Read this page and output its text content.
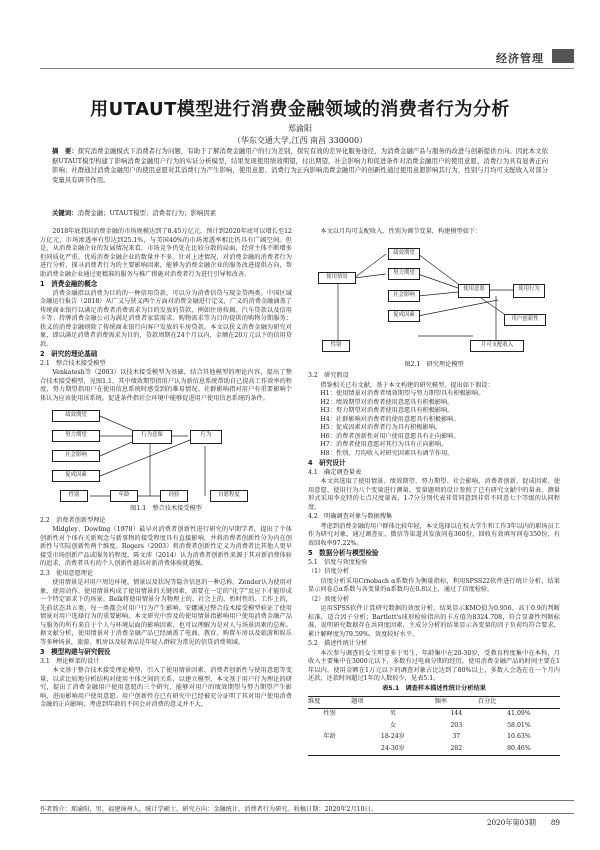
经济管理
用UTAUT模型进行消费金融领域的消费者行为分析
郑渝阳
（华东交通大学,江西 南昌 330000）
摘　要：探究消费金融模式下消费者行为问题，有助于了解消费金融用户的行为差别，探究有效的差异化服务途径，为消费金融产品与服务的改进与创新提供方向。因此本文依据UTAUT模型构建了影响消费金融用户行为的实证分析模型，结果发现使用绩效期望，付出期望，社会影响力和促进条件对消费金融用户的使用意愿、消费行为具有显著正向影响；社群通过消费金融用户的使用意愿对其消费行为产生影响，使用意愿、消费行为正向影响消费金融用户的创新性通过使用意愿影响其行为，性别与月均可支配收入对部分变量具有调节作用。
关键词：消费金融；UTAUT模型；消费者行为；影响因素

2018年底我国消费金融的市场规模达到了8.45万亿元，预计到2020年底可以增长至12万亿元，市场渗透率有望达到25.1%，与美国40%的市场渗透率相比仍具有广阔空间。但是，从消费金融企业的发展情况来看，市场竞争仍处在比较分散的局面，经营主体不断增多但同质化严重，优质消费金融企业的数量并不多。针对上述情况，对消费金融的消费者行为进行分析，探寻消费者行为的主要影响因素，能够为消费金融企业的服务改进提供方向，帮助消费金融企业通过更精准的服务与推广措施对消费者行为进行引导和改善。

1　消费金融的概念

消费金融指以消费为目的的一种信用贷款，可以分为消费信贷与现金贷两类。中国区域金融运行报告（2018）从广义与狭义两个方面对消费金融进行定义，广义的消费金融涵盖了传统商业银行以满足消费者消费需求为目的发放的贷款，例如住房按揭、汽车贷款以及信用卡等；持牌消费金融公司为满足消费者家装需求、购物需求等为目的提供的购物分期服务；狭义的消费金融则除了传统商业银行向客户发放的车房贷款。本文以狭义消费金融为研究对象，即以满足消费者消费需求为目的，贷款周期在24个月以内，金额在20万元以下的信用贷款。

2　研究的理论基础
2.1　整合技术接受模型

Venkatesh等（2003）以技术接受模型为基础，结合其他模型的理论内容，提出了整合技术接受模型，见图1.1，其中绩效期望指用户认为新信息系统帮助自己提高工作效率的程度，努力期望指用户在使用信息系统时感受到的难易情况。社群影响指对用户有重要影响个体认为应该使用该系统。促进条件指社会环境中能够促进用户使用信息系统的条件。

绩效期望
努力期望
社会影响
促成因素
行为意图	行为
性别	年龄	经验	自愿程度
图1.1　整合技术接受模型
2.2　消费者创新型理论

Midgley、Dowling（1978）最早对消费者创新性进行研究的早期学者，提出了个体创新性对个体有关新观念与新事物的接受程度具有直接影响，并将消费者创新性分为内在创新性与实际创新性两个维度。Rogers（2003）将消费者创新性定义为消费者比其他人更早接受市场创新产品或服务的程度。陈文沛（2014）认为消费者创新性来源于其对新消费体验的追求，消费者具有的个人创新性越高对新消费体验就越强。

2.3　使用意愿理论

使用情景是对用户周边环境、情景以及状况等隐含信息的一种总称。Zender认为使用对象、使用动作、使用情景构成了使用情景的关键因素，需要在一定的“化学”反应下才能形成一个特定需求下的场景。Belk将使用情景分为物理上的、社会上的、暂时性的、工作上的，先前状态共五类，每一类都会对用户行为产生影响。安娜通过整合技术接受模型验证了使用情景对用户选择行为的重要影响。本文研究中涉及的使用情景指影响用户使用消费金融产品与服务的所有来自于个人与环境层面的影响因素，也可以理解为是对人与场景因素的总称。据文献分析，使用情景对于消费金融产品已经涵盖了电商、教育、购置车房以及旅游和娱乐等多种场景，旅游、租房以及轻奢品是年轻人群较为常见的信贷消费领域。

3　模型构建与研究假设
3.1　理论框架的设计

本文基于整合技术接受理论模型，引入了使用情景因素、消费者创新性与使用意愿等变量，以求比较地分析结构对使用主体之间的关系，以建立模型，本文基于用户行为理论的研究，提出了消费金融用户使用意愿的三个研究，能够对用户的绩效期望与努力期望产生影响，进而影响用户使用意愿。用户创新性在已有研究中已经被充分证明了其对用户使用消费金融的正向影响；考虑到年龄的不同会对消费的意义并不大，

本文以月均可支配收入、性别为调节变量，构建模型如下：

绩效期望
努力期望
使用情景
社会影响
促成因素
使用意愿	使用行为
用户创新性
性别	月可支配收入
图2.1　研究理论模型
3.2　研究假设

借鉴相关已有文献，基于本文构建的研究模型，提出如下假设：

H1：使用情景对消费者绩效期望与努力期望具有积极影响。

H2：绩效期望对消费者使用意愿具有积极影响。

H3：努力期望对消费者使用意愿具有积极影响。

H4：社群影响对消费者的使用意愿具有积极影响。

H5：促成因素对消费者行为具有积极影响。

H6：消费者创新性对用户使用意愿具有正向影响。

H7：消费者使用意愿对其行为具有正向影响。

H8：性别、月均收入对研究因素具有调节作用。

4　研究设计
4.1　确定调查量表

本文共选取了使用情景、绩效期望、努力期望、社会影响、消费者创新、促成因素、使用意愿、使用行为八个变量进行测量。变量题项的设计参照了已有研究文献中的量表，测量形式采用李克特的七点尺度量表，1-7分分别代表非常同意到非常不同意七个等级的认同程度。

4.2　明确调查对象与数据搜集

考虑到消费金融的用户群体比较年轻，本文选择以在校大学生和工作3年以内的职场员工作为研究对象，通过调查征、微信等渠道共发放问卷360份，回收有效填写问卷350份，有效回收率97.22%。

5　数据分析与模型检验
5.1　信度与效度检验
（1）信度分析

信度分析采用Crnobach α系数作为衡量指标，利用SPSS22软件进行统计分析，结果显示问卷总α系数与各变量的α系数均在0.8以上，通过了信度检验。

（2）效度分析

运用SPSS软件计算研究数据的效度分析，结果显示KMO值为0.956，高于0.9的判断标准，适合因子分析；Bartlett's球形检验指出的卡方值为8324.708，符合显著性判断标准，说明研究数据存在共同度因素，主成分分析的结果显示各变量的因子负荷均符合要求，累计解释度为79.59%，效度较好水平。

5.2　描述性统计分析

本次参与调查的女生明显多于男生，年龄集中在20-30岁，受教育程度集中在本科，月收入主要集中在3000元以下，多数有过电商分期的经历，使用消费金融产品的时间主要在1年以内，使用金额在1万元以下的调查对象占比达到了80%以上，多数人会选在在一个月内还款，还款时间超过1年的人数较少，见表5.1。

表5.1　调查样本描述性统计分析结果
维度	题项	频率	百分比
性别	男	144	41.09%
	女	203	58.01%
年龄	18-24岁	37	10.63%
	24-30岁	282	80.46%
作者简介：郑渝阳，男，福建漳州人，统计学硕士，研究方向：金融统计、消费者行为研究。收稿日期：2020年2月10日。
2020年第03期 89
